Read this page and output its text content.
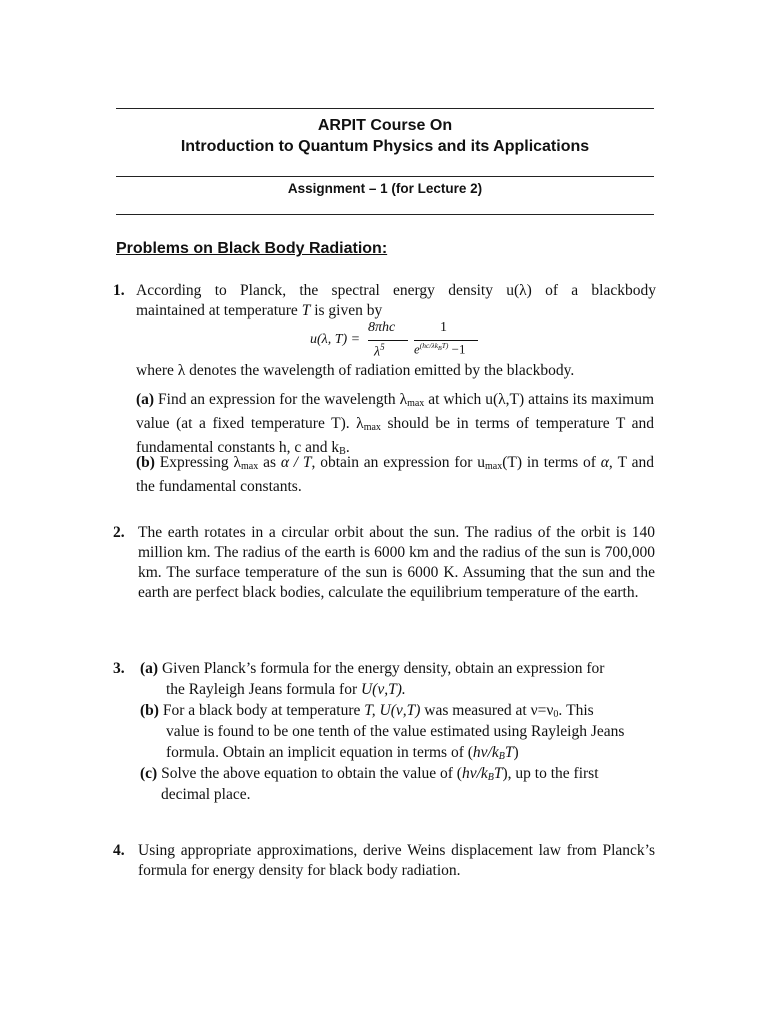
ARPIT Course On
Introduction to Quantum Physics and its Applications
Assignment – 1 (for Lecture 2)
Problems on Black Body Radiation:
1. According to Planck, the spectral energy density u(λ) of a blackbody
maintained at temperature T is given by
u(λ, T) =
8πhc
$\lambda^5$
1
$e^{(hc/\lambda k_BT)} -1$
where λ denotes the wavelength of radiation emitted by the blackbody.
(a) Find an expression for the wavelength $\lambda_{max}$ at which u(λ,T) attains its maximum value (at a fixed temperature T). $\lambda_{max}$ should be in terms of temperature T and fundamental constants h, c and $k_B$.
(b) Expressing $\lambda_{max}$ as α / T, obtain an expression for $u_{max}(T)$ in terms of α, T and the fundamental constants.
2. The earth rotates in a circular orbit about the sun. The radius of the orbit is 140 million km. The radius of the earth is 6000 km and the radius of the sun is 700,000 km. The surface temperature of the sun is 6000 K. Assuming that the sun and the earth are perfect black bodies, calculate the equilibrium temperature of the earth.
3. (a) Given Planck’s formula for the energy density, obtain an expression for
the Rayleigh Jeans formula for U(ν,T).
(b) For a black body at temperature T, U(ν,T) was measured at $\nu=\nu_0$. This
value is found to be one tenth of the value estimated using Rayleigh Jeans
formula. Obtain an implicit equation in terms of $(h\nu/k_BT)$
(c) Solve the above equation to obtain the value of $(h\nu/k_BT)$, up to the first
decimal place.
4. Using appropriate approximations, derive Weins displacement law from Planck’s formula for energy density for black body radiation.
